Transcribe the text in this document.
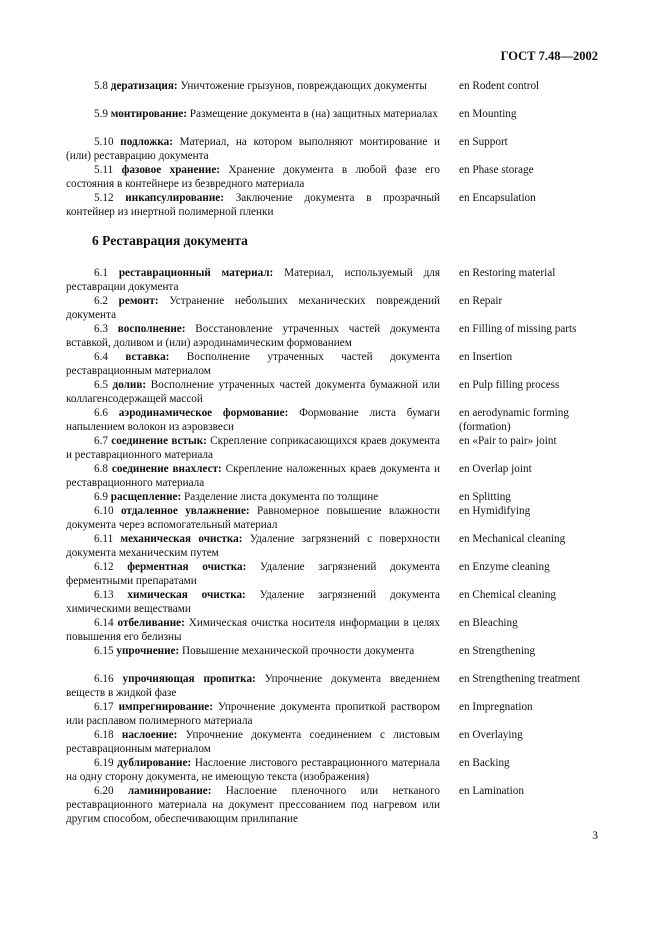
ГОСТ 7.48—2002
5.8 дератизация: Уничтожение грызунов, повреждающих документы	en Rodent control
5.9 монтирование: Размещение документа в (на) защитных материалах en Mounting
5.10 подложка: Материал, на котором выполняют монтирование и (или) реставрацию документа
en Support
5.11 фазовое хранение: Хранение документа в любой фазе его состояния в контейнере из безвредного материала
en Phase storage
5.12 инкапсулирование: Заключение документа в прозрачный контейнер из инертной полимерной пленки
en Encapsulation
6 Реставрация документа
6.1 реставрационный материал: Материал, используемый для реставрации документа
en Restoring material
6.2 ремонт: Устранение небольших механических повреждений документа
en Repair
6.3 восполнение: Восстановление утраченных частей документа вставкой, доливом и (или) аэродинамическим формованием
en Filling of missing parts
6.4 вставка: Восполнение утраченных частей документа реставрационным материалом
en Insertion
6.5 долив: Восполнение утраченных частей документа бумажной или коллагенсодержащей массой
en Pulp filling process
6.6 аэродинамическое формование: Формование листа бумаги напылением волокон из аэровзвеси
en aerodynamic forming (formation)
6.7 соединение встык: Скрепление соприкасающихся краев документа и реставрационного материала
en «Pair to pair» joint
6.8 соединение внахлест: Скрепление наложенных краев документа и реставрационного материала
en Overlap joint
6.9 расщепление: Разделение листа документа по толщине	en Splitting
6.10 отдаленное увлажнение: Равномерное повышение влажности документа через вспомогательный материал
en Hymidifying
6.11 механическая очистка: Удаление загрязнений с поверхности документа механическим путем
en Mechanical cleaning
6.12 ферментная очистка: Удаление загрязнений документа ферментными препаратами
en Enzyme cleaning
6.13 химическая очистка: Удаление загрязнений документа химическими веществами
en Chemical cleaning
6.14 отбеливание: Химическая очистка носителя информации в целях повышения его белизны
en Bleaching
6.15 упрочнение: Повышение механической прочности документа	en Strengthening
6.16 упрочняющая пропитка: Упрочнение документа введением веществ в жидкой фазе
en Strengthening treatment
6.17 импрегнирование: Упрочнение документа пропиткой раствором или расплавом полимерного материала
en Impregnation
6.18 наслоение: Упрочнение документа соединением с листовым реставрационным материалом
en Overlaying
6.19 дублирование: Наслоение листового реставрационного материала на одну сторону документа, не имеющую текста (изображения)
en Backing
6.20 ламинирование: Наслоение пленочного или нетканого реставрационного материала на документ прессованием под нагревом или другим способом, обеспечивающим прилипание
en Lamination
3
